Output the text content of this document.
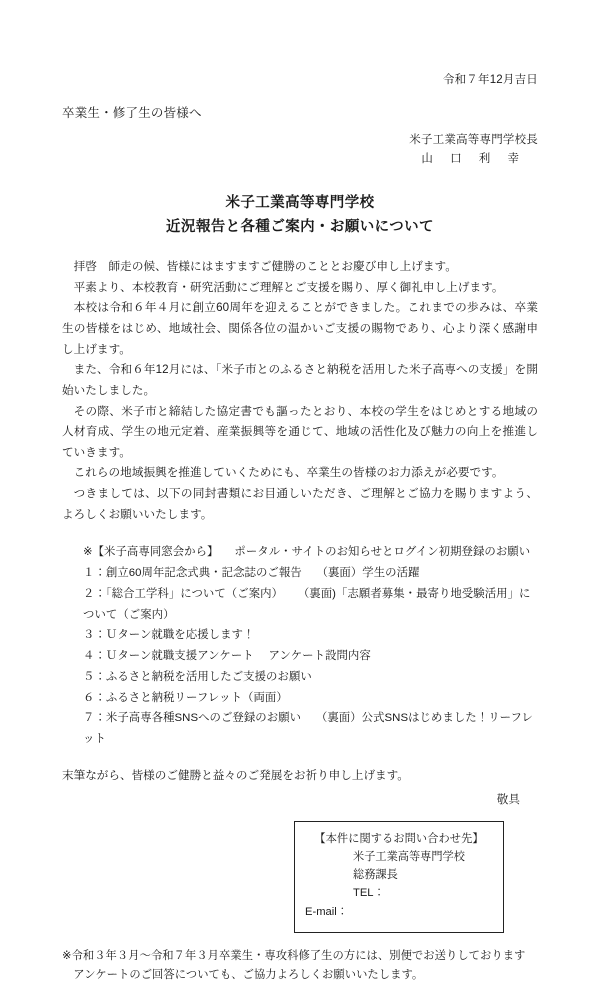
令和７年12月吉日
卒業生・修了生の皆様へ
米子工業高等専門学校長
山 口 利 幸
米子工業高等専門学校
近況報告と各種ご案内・お願いについて

拝啓　師走の候、皆様にはますますご健勝のこととお慶び申し上げます。

平素より、本校教育・研究活動にご理解とご支援を賜り、厚く御礼申し上げます。

本校は令和６年４月に創立60周年を迎えることができました。これまでの歩みは、卒業生の皆様をはじめ、地域社会、関係各位の温かいご支援の賜物であり、心より深く感謝申し上げます。

また、令和６年12月には、「米子市とのふるさと納税を活用した米子高専への支援」を開始いたしました。

その際、米子市と締結した協定書でも謳ったとおり、本校の学生をはじめとする地域の人材育成、学生の地元定着、産業振興等を通じて、地域の活性化及び魅力の向上を推進していきます。

これらの地域振興を推進していくためにも、卒業生の皆様のお力添えが必要です。

つきましては、以下の同封書類にお目通しいただき、ご理解とご協力を賜りますよう、よろしくお願いいたします。

※【米子高専同窓会から】 ポータル・サイトのお知らせとログイン初期登録のお願い

１：創立60周年記念式典・記念誌のご報告 （裏面）学生の活躍

２：「総合工学科」について（ご案内） （裏面)「志願者募集・最寄り地受験活用」について（ご案内）

３：Ｕターン就職を応援します！

４：Ｕターン就職支援アンケート アンケート設問内容

５：ふるさと納税を活用したご支援のお願い

６：ふるさと納税リーフレット（両面）

７：米子高専各種SNSへのご登録のお願い （裏面）公式SNSはじめました！リーフレット

末筆ながら、皆様のご健勝と益々のご発展をお祈り申し上げます。

敬具

【本件に関するお問い合わせ先】

米子工業高等専門学校

総務課長

TEL：

E-mail：

※令和３年３月～令和７年３月卒業生・専攻科修了生の方には、別便でお送りしております

アンケートのご回答についても、ご協力よろしくお願いいたします。
